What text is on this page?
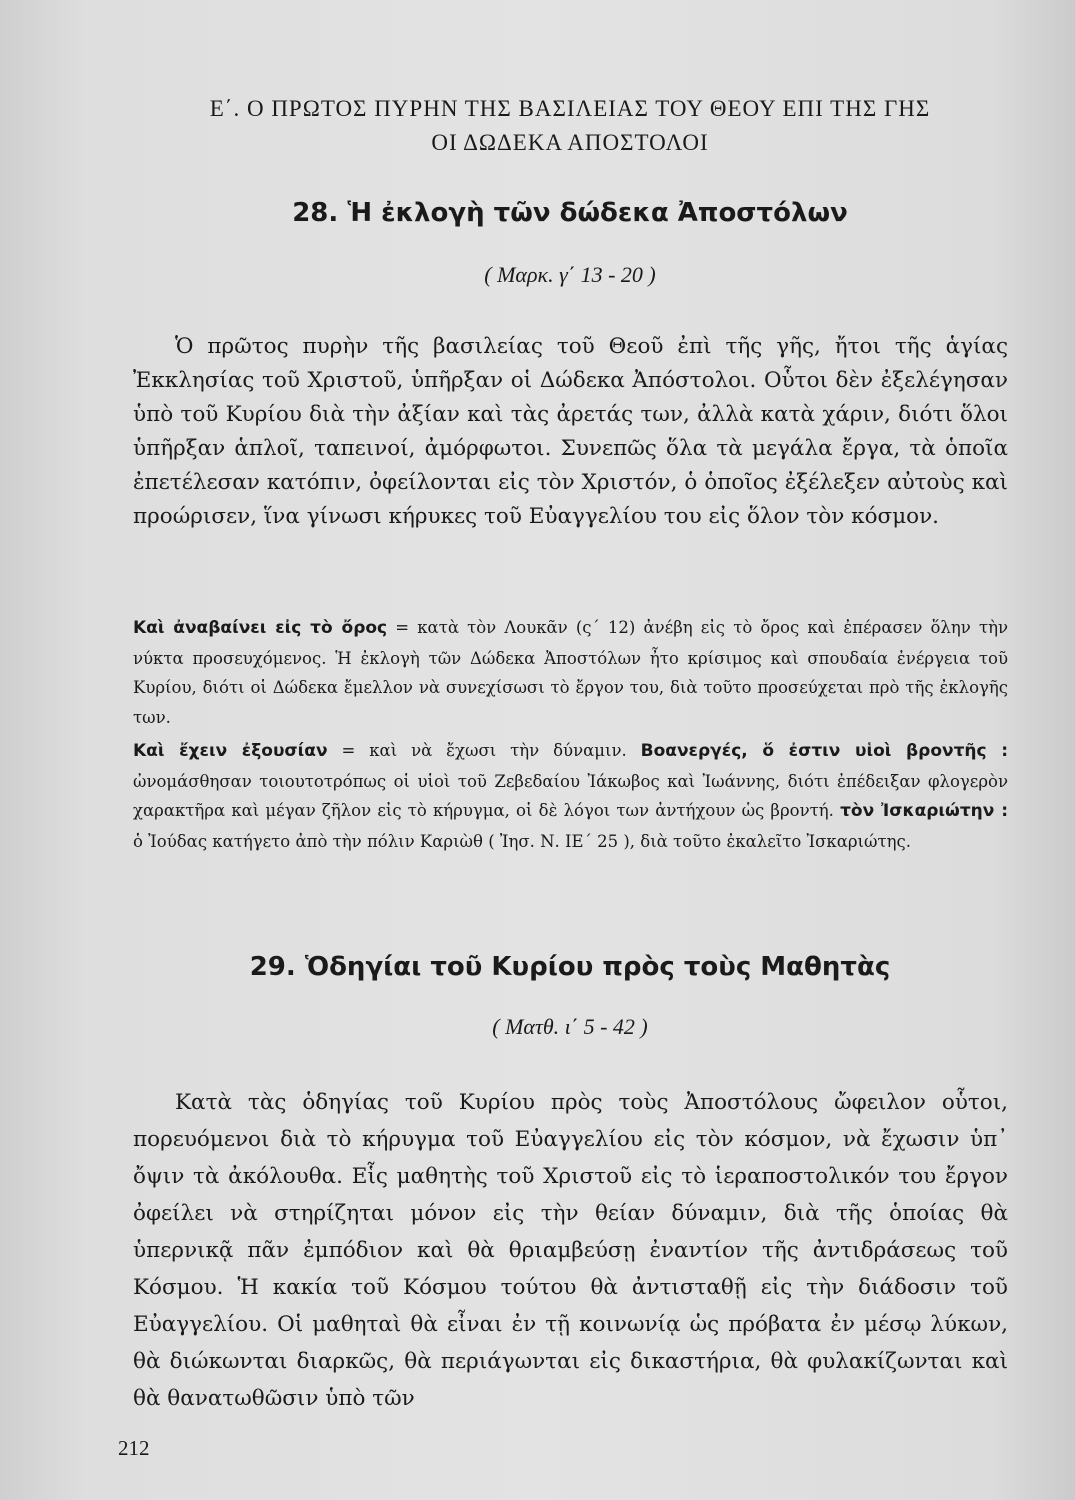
Ε΄. Ο ΠΡΩΤΟΣ ΠΥΡΗΝ ΤΗΣ ΒΑΣΙΛΕΙΑΣ ΤΟΥ ΘΕΟΥ ΕΠΙ ΤΗΣ ΓΗΣ
ΟΙ ΔΩΔΕΚΑ ΑΠΟΣΤΟΛΟΙ
28. Ἡ ἐκλογὴ τῶν δώδεκα Ἀποστόλων
( Μαρκ. γ΄ 13 - 20 )
Ὁ πρῶτος πυρὴν τῆς βασιλείας τοῦ Θεοῦ ἐπὶ τῆς γῆς, ἤτοι τῆς ἁγίας Ἐκκλησίας τοῦ Χριστοῦ, ὑπῆρξαν οἱ Δώδεκα Ἀπόστολοι. Οὗτοι δὲν ἐξελέγησαν ὑπὸ τοῦ Κυρίου διὰ τὴν ἀξίαν καὶ τὰς ἀρετάς των, ἀλλὰ κατὰ χάριν, διότι ὅλοι ὑπῆρξαν ἁπλοῖ, ταπεινοί, ἀμόρφωτοι. Συνεπῶς ὅλα τὰ μεγάλα ἔργα, τὰ ὁποῖα ἐπετέλεσαν κατόπιν, ὀφείλονται εἰς τὸν Χριστόν, ὁ ὁποῖος ἐξέλεξεν αὐτοὺς καὶ προώρισεν, ἵνα γίνωσι κήρυκες τοῦ Εὐαγγελίου του εἰς ὅλον τὸν κόσμον.
Καὶ ἀναβαίνει εἰς τὸ ὄρος = κατὰ τὸν Λουκᾶν (ς΄ 12) ἀνέβη εἰς τὸ ὄρος καὶ ἐπέρασεν ὅλην τὴν νύκτα προσευχόμενος. Ἡ ἐκλογὴ τῶν Δώδεκα Ἀποστόλων ἦτο κρίσιμος καὶ σπουδαία ἐνέργεια τοῦ Κυρίου, διότι οἱ Δώδεκα ἔμελλον νὰ συνεχίσωσι τὸ ἔργον του, διὰ τοῦτο προσεύχεται πρὸ τῆς ἐκλογῆς των.
Καὶ ἔχειν ἐξουσίαν = καὶ νὰ ἔχωσι τὴν δύναμιν. Βοανεργές, ὅ ἐστιν υἱοὶ βροντῆς : ὠνομάσθησαν τοιουτοτρόπως οἱ υἱοὶ τοῦ Ζεβεδαίου Ἰάκωβος καὶ Ἰωάννης, διότι ἐπέδειξαν φλογερὸν χαρακτῆρα καὶ μέγαν ζῆλον εἰς τὸ κήρυγμα, οἱ δὲ λόγοι των ἀντήχουν ὡς βροντή. τὸν Ἰσκαριώτην : ὁ Ἰούδας κατήγετο ἀπὸ τὴν πόλιν Καριὼθ ( Ἰησ. Ν. ΙΕ΄ 25 ), διὰ τοῦτο ἐκαλεῖτο Ἰσκαριώτης.
29. Ὁδηγίαι τοῦ Κυρίου πρὸς τοὺς Μαθητὰς
( Ματθ. ι΄ 5 - 42 )
Κατὰ τὰς ὁδηγίας τοῦ Κυρίου πρὸς τοὺς Ἀποστόλους ὤφειλον οὗτοι, πορευόμενοι διὰ τὸ κήρυγμα τοῦ Εὐαγγελίου εἰς τὸν κόσμον, νὰ ἔχωσιν ὑπ᾽ ὄψιν τὰ ἀκόλουθα. Εἷς μαθητὴς τοῦ Χριστοῦ εἰς τὸ ἱεραποστολικόν του ἔργον ὀφείλει νὰ στηρίζηται μόνον εἰς τὴν θείαν δύναμιν, διὰ τῆς ὁποίας θὰ ὑπερνικᾷ πᾶν ἐμπόδιον καὶ θὰ θριαμβεύσῃ ἐναντίον τῆς ἀντιδράσεως τοῦ Κόσμου. Ἡ κακία τοῦ Κόσμου τούτου θὰ ἀντισταθῇ εἰς τὴν διάδοσιν τοῦ Εὐαγγελίου. Οἱ μαθηταὶ θὰ εἶναι ἐν τῇ κοινωνίᾳ ὡς πρόβατα ἐν μέσῳ λύκων, θὰ διώκωνται διαρκῶς, θὰ περιάγωνται εἰς δικαστήρια, θὰ φυλακίζωνται καὶ θὰ θανατωθῶσιν ὑπὸ τῶν
212
